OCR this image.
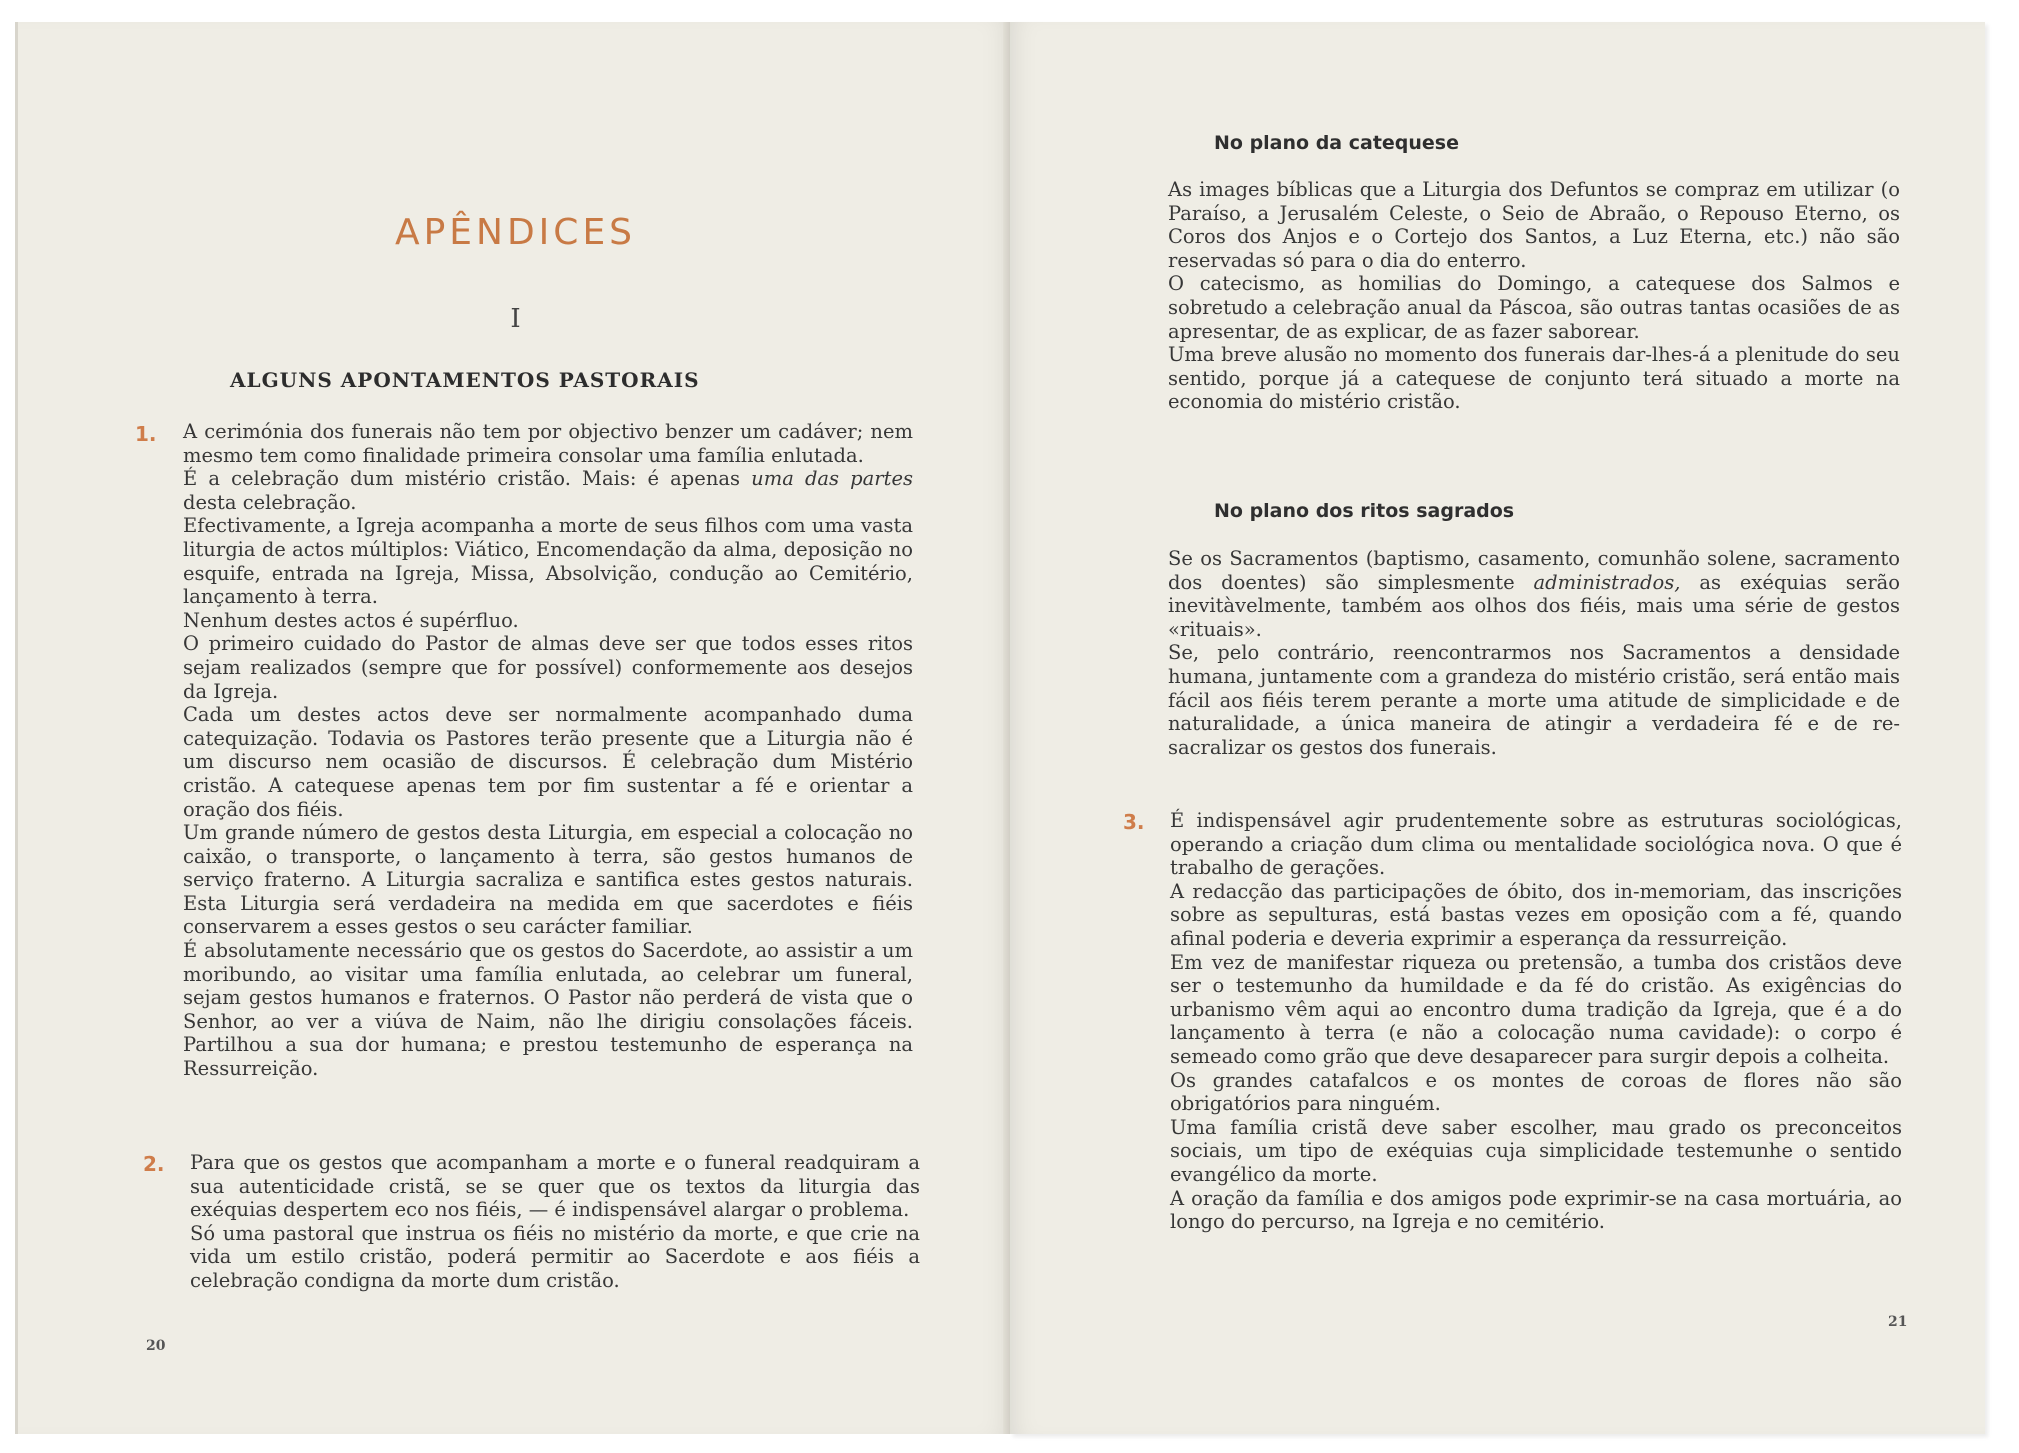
APÊNDICES
I
ALGUNS APONTAMENTOS PASTORAIS
1. A cerimónia dos funerais não tem por objectivo benzer um cadáver; nem mesmo tem como finalidade primeira consolar uma família enlutada.

É a celebração dum mistério cristão. Mais: é apenas uma das partes desta celebração.

Efectivamente, a Igreja acompanha a morte de seus filhos com uma vasta liturgia de actos múltiplos: Viático, Encomendação da alma, deposição no esquife, entrada na Igreja, Missa, Absolvição, condução ao Cemitério, lançamento à terra.

Nenhum destes actos é supérfluo.

O primeiro cuidado do Pastor de almas deve ser que todos esses ritos sejam realizados (sempre que for possível) conformemente aos desejos da Igreja.

Cada um destes actos deve ser normalmente acompanhado duma catequização. Todavia os Pastores terão presente que a Liturgia não é um discurso nem ocasião de discursos. É celebração dum Mistério cristão. A catequese apenas tem por fim sustentar a fé e orientar a oração dos fiéis.

Um grande número de gestos desta Liturgia, em especial a colocação no caixão, o transporte, o lançamento à terra, são gestos humanos de serviço fraterno. A Liturgia sacraliza e santifica estes gestos naturais. Esta Liturgia será verdadeira na medida em que sacerdotes e fiéis conservarem a esses gestos o seu carácter familiar.

É absolutamente necessário que os gestos do Sacerdote, ao assistir a um moribundo, ao visitar uma família enlutada, ao celebrar um funeral, sejam gestos humanos e fraternos. O Pastor não perderá de vista que o Senhor, ao ver a viúva de Naim, não lhe dirigiu consolações fáceis. Partilhou a sua dor humana; e prestou testemunho de esperança na Ressurreição.

2. Para que os gestos que acompanham a morte e o funeral readquiram a sua autenticidade cristã, se se quer que os textos da liturgia das exéquias despertem eco nos fiéis, — é indispensável alargar o problema.

Só uma pastoral que instrua os fiéis no mistério da morte, e que crie na vida um estilo cristão, poderá permitir ao Sacerdote e aos fiéis a celebração condigna da morte dum cristão.

20
No plano da catequese

As images bíblicas que a Liturgia dos Defuntos se compraz em utilizar (o Paraíso, a Jerusalém Celeste, o Seio de Abraão, o Repouso Eterno, os Coros dos Anjos e o Cortejo dos Santos, a Luz Eterna, etc.) não são reservadas só para o dia do enterro.

O catecismo, as homilias do Domingo, a catequese dos Salmos e sobretudo a celebração anual da Páscoa, são outras tantas ocasiões de as apresentar, de as explicar, de as fazer saborear.

Uma breve alusão no momento dos funerais dar-lhes-á a plenitude do seu sentido, porque já a catequese de conjunto terá situado a morte na economia do mistério cristão.

No plano dos ritos sagrados

Se os Sacramentos (baptismo, casamento, comunhão solene, sacramento dos doentes) são simplesmente administrados, as exéquias serão inevitàvelmente, também aos olhos dos fiéis, mais uma série de gestos «rituais».

Se, pelo contrário, reencontrarmos nos Sacramentos a densidade humana, juntamente com a grandeza do mistério cristão, será então mais fácil aos fiéis terem perante a morte uma atitude de simplicidade e de naturalidade, a única maneira de atingir a verdadeira fé e de re-sacralizar os gestos dos funerais.

3. É indispensável agir prudentemente sobre as estruturas sociológicas, operando a criação dum clima ou mentalidade sociológica nova. O que é trabalho de gerações.

A redacção das participações de óbito, dos in-memoriam, das inscrições sobre as sepulturas, está bastas vezes em oposição com a fé, quando afinal poderia e deveria exprimir a esperança da ressurreição.

Em vez de manifestar riqueza ou pretensão, a tumba dos cristãos deve ser o testemunho da humildade e da fé do cristão. As exigências do urbanismo vêm aqui ao encontro duma tradição da Igreja, que é a do lançamento à terra (e não a colocação numa cavidade): o corpo é semeado como grão que deve desaparecer para surgir depois a colheita.

Os grandes catafalcos e os montes de coroas de flores não são obrigatórios para ninguém.

Uma família cristã deve saber escolher, mau grado os preconceitos sociais, um tipo de exéquias cuja simplicidade testemunhe o sentido evangélico da morte.

A oração da família e dos amigos pode exprimir-se na casa mortuária, ao longo do percurso, na Igreja e no cemitério.

21
